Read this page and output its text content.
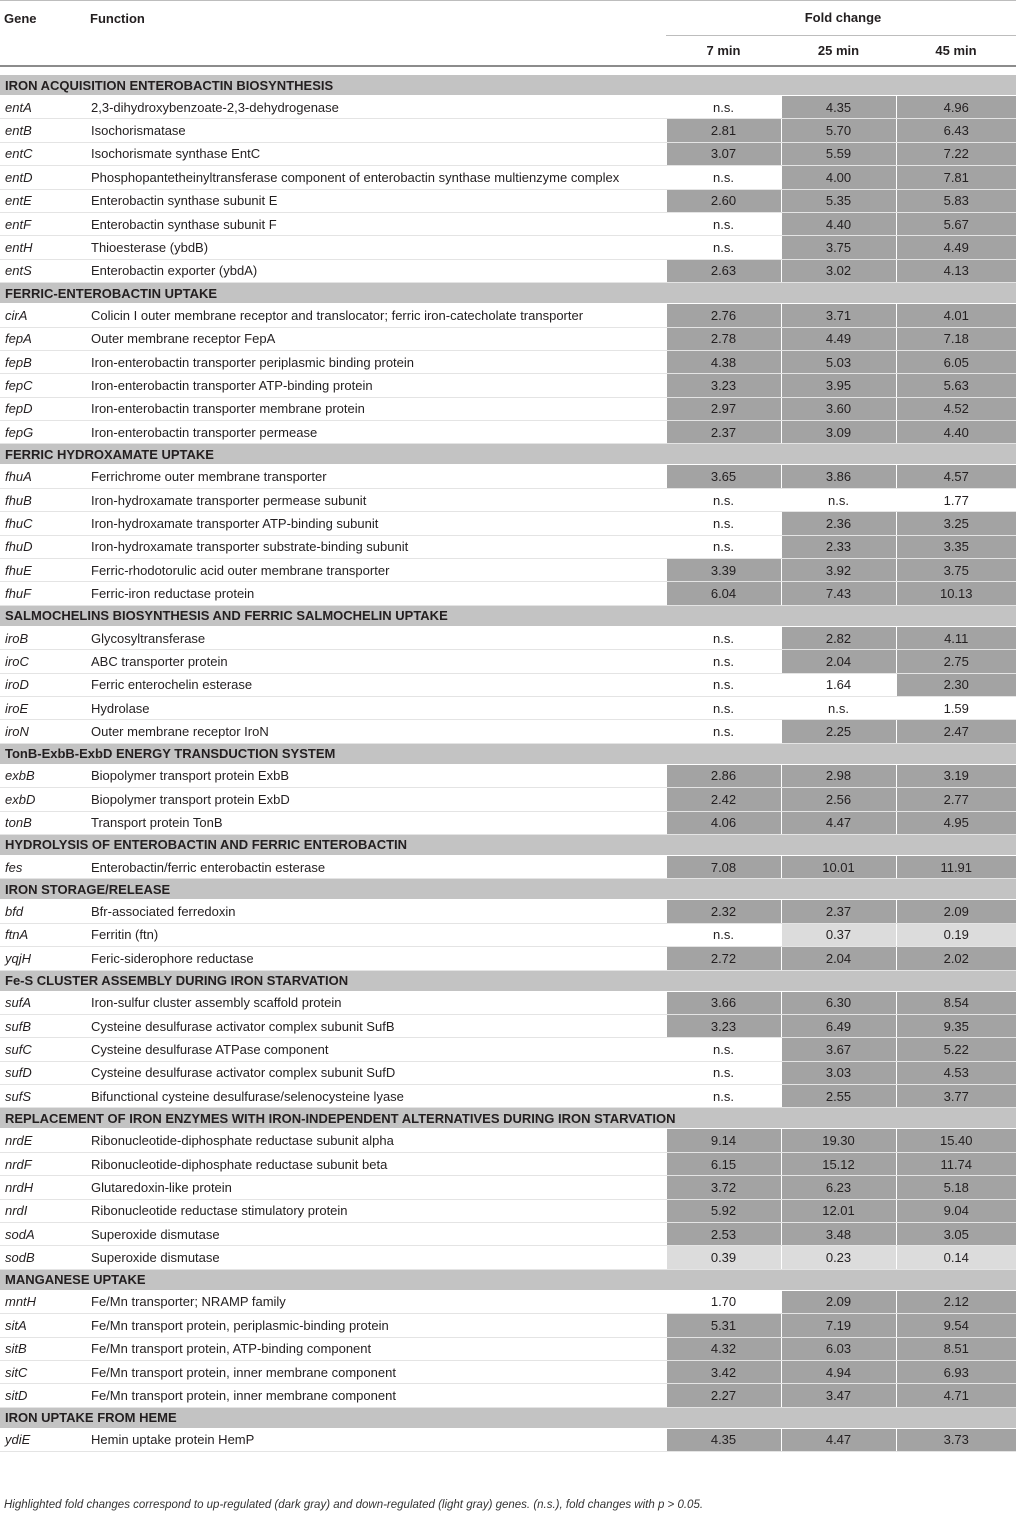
Gene	Function	Fold change		
		7 min	25 min	45 min

IRON ACQUISITION ENTEROBACTIN BIOSYNTHESIS				
entA	2,3-dihydroxybenzoate-2,3-dehydrogenase	n.s.	4.35	4.96
entB	Isochorismatase	2.81	5.70	6.43
entC	Isochorismate synthase EntC	3.07	5.59	7.22
entD	Phosphopantetheinyltransferase component of enterobactin synthase multienzyme complex	n.s.	4.00	7.81
entE	Enterobactin synthase subunit E	2.60	5.35	5.83
entF	Enterobactin synthase subunit F	n.s.	4.40	5.67
entH	Thioesterase (ybdB)	n.s.	3.75	4.49
entS	Enterobactin exporter (ybdA)	2.63	3.02	4.13
FERRIC-ENTEROBACTIN UPTAKE				
cirA	Colicin I outer membrane receptor and translocator; ferric iron-catecholate transporter	2.76	3.71	4.01
fepA	Outer membrane receptor FepA	2.78	4.49	7.18
fepB	Iron-enterobactin transporter periplasmic binding protein	4.38	5.03	6.05
fepC	Iron-enterobactin transporter ATP-binding protein	3.23	3.95	5.63
fepD	Iron-enterobactin transporter membrane protein	2.97	3.60	4.52
fepG	Iron-enterobactin transporter permease	2.37	3.09	4.40
FERRIC HYDROXAMATE UPTAKE				
fhuA	Ferrichrome outer membrane transporter	3.65	3.86	4.57
fhuB	Iron-hydroxamate transporter permease subunit	n.s.	n.s.	1.77
fhuC	Iron-hydroxamate transporter ATP-binding subunit	n.s.	2.36	3.25
fhuD	Iron-hydroxamate transporter substrate-binding subunit	n.s.	2.33	3.35
fhuE	Ferric-rhodotorulic acid outer membrane transporter	3.39	3.92	3.75
fhuF	Ferric-iron reductase protein	6.04	7.43	10.13
SALMOCHELINS BIOSYNTHESIS AND FERRIC SALMOCHELIN UPTAKE				
iroB	Glycosyltransferase	n.s.	2.82	4.11
iroC	ABC transporter protein	n.s.	2.04	2.75
iroD	Ferric enterochelin esterase	n.s.	1.64	2.30
iroE	Hydrolase	n.s.	n.s.	1.59
iroN	Outer membrane receptor IroN	n.s.	2.25	2.47
TonB-ExbB-ExbD ENERGY TRANSDUCTION SYSTEM				
exbB	Biopolymer transport protein ExbB	2.86	2.98	3.19
exbD	Biopolymer transport protein ExbD	2.42	2.56	2.77
tonB	Transport protein TonB	4.06	4.47	4.95
HYDROLYSIS OF ENTEROBACTIN AND FERRIC ENTEROBACTIN				
fes	Enterobactin/ferric enterobactin esterase	7.08	10.01	11.91
IRON STORAGE/RELEASE				
bfd	Bfr-associated ferredoxin	2.32	2.37	2.09
ftnA	Ferritin (ftn)	n.s.	0.37	0.19
yqjH	Feric-siderophore reductase	2.72	2.04	2.02
Fe-S CLUSTER ASSEMBLY DURING IRON STARVATION				
sufA	Iron-sulfur cluster assembly scaffold protein	3.66	6.30	8.54
sufB	Cysteine desulfurase activator complex subunit SufB	3.23	6.49	9.35
sufC	Cysteine desulfurase ATPase component	n.s.	3.67	5.22
sufD	Cysteine desulfurase activator complex subunit SufD	n.s.	3.03	4.53
sufS	Bifunctional cysteine desulfurase/selenocysteine lyase	n.s.	2.55	3.77
REPLACEMENT OF IRON ENZYMES WITH IRON-INDEPENDENT ALTERNATIVES DURING IRON STARVATION				
nrdE	Ribonucleotide-diphosphate reductase subunit alpha	9.14	19.30	15.40
nrdF	Ribonucleotide-diphosphate reductase subunit beta	6.15	15.12	11.74
nrdH	Glutaredoxin-like protein	3.72	6.23	5.18
nrdI	Ribonucleotide reductase stimulatory protein	5.92	12.01	9.04
sodA	Superoxide dismutase	2.53	3.48	3.05
sodB	Superoxide dismutase	0.39	0.23	0.14
MANGANESE UPTAKE				
mntH	Fe/Mn transporter; NRAMP family	1.70	2.09	2.12
sitA	Fe/Mn transport protein, periplasmic-binding protein	5.31	7.19	9.54
sitB	Fe/Mn transport protein, ATP-binding component	4.32	6.03	8.51
sitC	Fe/Mn transport protein, inner membrane component	3.42	4.94	6.93
sitD	Fe/Mn transport protein, inner membrane component	2.27	3.47	4.71
IRON UPTAKE FROM HEME				
ydiE	Hemin uptake protein HemP	4.35	4.47	3.73

Highlighted fold changes correspond to up-regulated (dark gray) and down-regulated (light gray) genes. (n.s.), fold changes with p > 0.05.
